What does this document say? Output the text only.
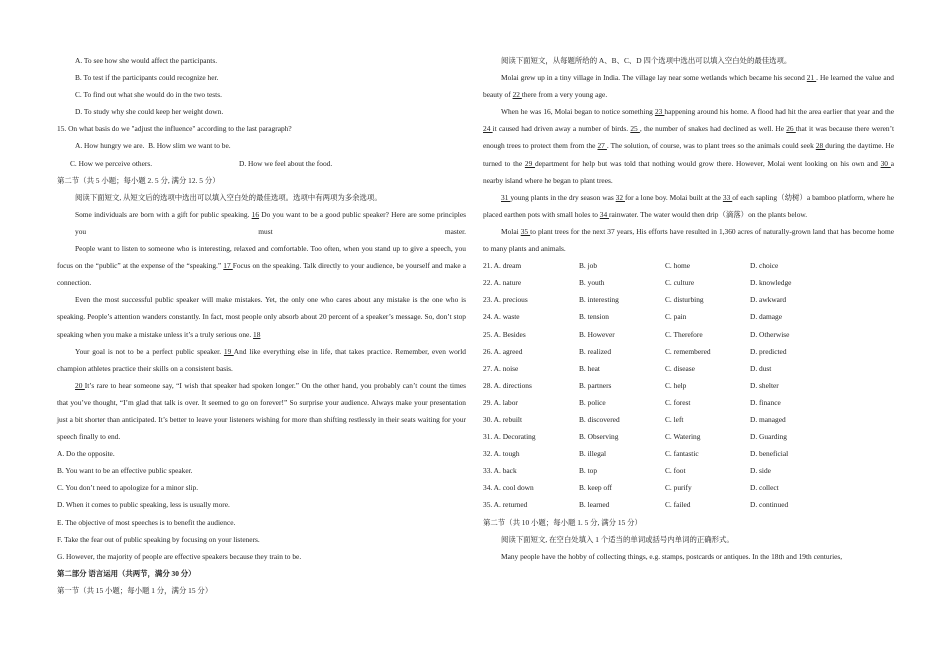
A. To see how she would affect the participants.

B. To test if the participants could recognize her.

C. To find out what she would do in the two tests.

D. To study why she could keep her weight down.

15. On what basis do we "adjust the influence" according to the last paragraph?

A. How hungry we are. B. How slim we want to be.

C. How we perceive others.	D. How we feel about the food.

第二节（共 5 小题；每小题 2. 5 分, 满分 12. 5 分）

阅读下面短文, 从短文后的选项中选出可以填入空白处的最佳选项。选项中有两项为多余选项。

Some individuals are born with a gift for public speaking. 16 Do you want to be a good public speaker? Here are some principles you must master.

People want to listen to someone who is interesting, relaxed and comfortable. Too often, when you stand up to give a speech, you focus on the “public” at the expense of the “speaking.” 17 Focus on the speaking. Talk directly to your audience, be yourself and make a connection.

Even the most successful public speaker will make mistakes. Yet, the only one who cares about any mistake is the one who is speaking. People’s attention wanders constantly. In fact, most people only absorb about 20 percent of a speaker’s message. So, don’t stop speaking when you make a mistake unless it’s a truly serious one. 18

Your goal is not to be a perfect public speaker. 19 And like everything else in life, that takes practice. Remember, even world champion athletes practice their skills on a consistent basis.

20 It’s rare to hear someone say, “I wish that speaker had spoken longer.” On the other hand, you probably can’t count the times that you’ve thought, “I’m glad that talk is over. It seemed to go on forever!” So surprise your audience. Always make your presentation just a bit shorter than anticipated. It’s better to leave your listeners wishing for more than shifting restlessly in their seats waiting for your speech finally to end.

A. Do the opposite.

B. You want to be an effective public speaker.

C. You don’t need to apologize for a minor slip.

D. When it comes to public speaking, less is usually more.

E. The objective of most speeches is to benefit the audience.

F. Take the fear out of public speaking by focusing on your listeners.

G. However, the majority of people are effective speakers because they train to be.

第二部分 语言运用（共两节，满分 30 分）

第一节（共 15 小题；每小题 1 分，满分 15 分）

阅读下面短文，从每题所给的 A、B、C、D 四个选项中选出可以填入空白处的最佳选项。

Molai grew up in a tiny village in India. The village lay near some wetlands which became his second 21 . He learned the value and beauty of 22 there from a very young age.

When he was 16, Molai began to notice something 23 happening around his home. A flood had hit the area earlier that year and the 24 it caused had driven away a number of birds. 25 , the number of snakes had declined as well. He 26 that it was because there weren’t enough trees to protect them from the 27 . The solution, of course, was to plant trees so the animals could seek 28 during the daytime. He turned to the 29 department for help but was told that nothing would grow there. However, Molai went looking on his own and 30 a nearby island where he began to plant trees.

31 young plants in the dry season was 32 for a lone boy. Molai built at the 33 of each sapling（幼树）a bamboo platform, where he placed earthen pots with small holes to 34 rainwater. The water would then drip（滴落）on the plants below.

Molai 35 to plant trees for the next 37 years, His efforts have resulted in 1,360 acres of naturally-grown land that has become home to many plants and animals.

21. A. dream	B. job	C. home	D. choice
22. A. nature	B. youth	C. culture	D. knowledge
23. A. precious	B. interesting	C. disturbing	D. awkward
24. A. waste	B. tension	C. pain	D. damage
25. A. Besides	B. However	C. Therefore	D. Otherwise
26. A. agreed	B. realized	C. remembered	D. predicted
27. A. noise	B. heat	C. disease	D. dust
28. A. directions	B. partners	C. help	D. shelter
29. A. labor	B. police	C. forest	D. finance
30. A. rebuilt	B. discovered	C. left	D. managed
31. A. Decorating	B. Observing	C. Watering	D. Guarding
32. A. tough	B. illegal	C. fantastic	D. beneficial
33. A. back	B. top	C. foot	D. side
34. A. cool down	B. keep off	C. purify	D. collect
35. A. returned	B. learned	C. failed	D. continued

第二节（共 10 小题；每小题 1. 5 分, 满分 15 分）

阅读下面短文, 在空白处填入 1 个适当的单词或括号内单词的正确形式。

Many people have the hobby of collecting things, e.g. stamps, postcards or antiques. In the 18th and 19th centuries,
